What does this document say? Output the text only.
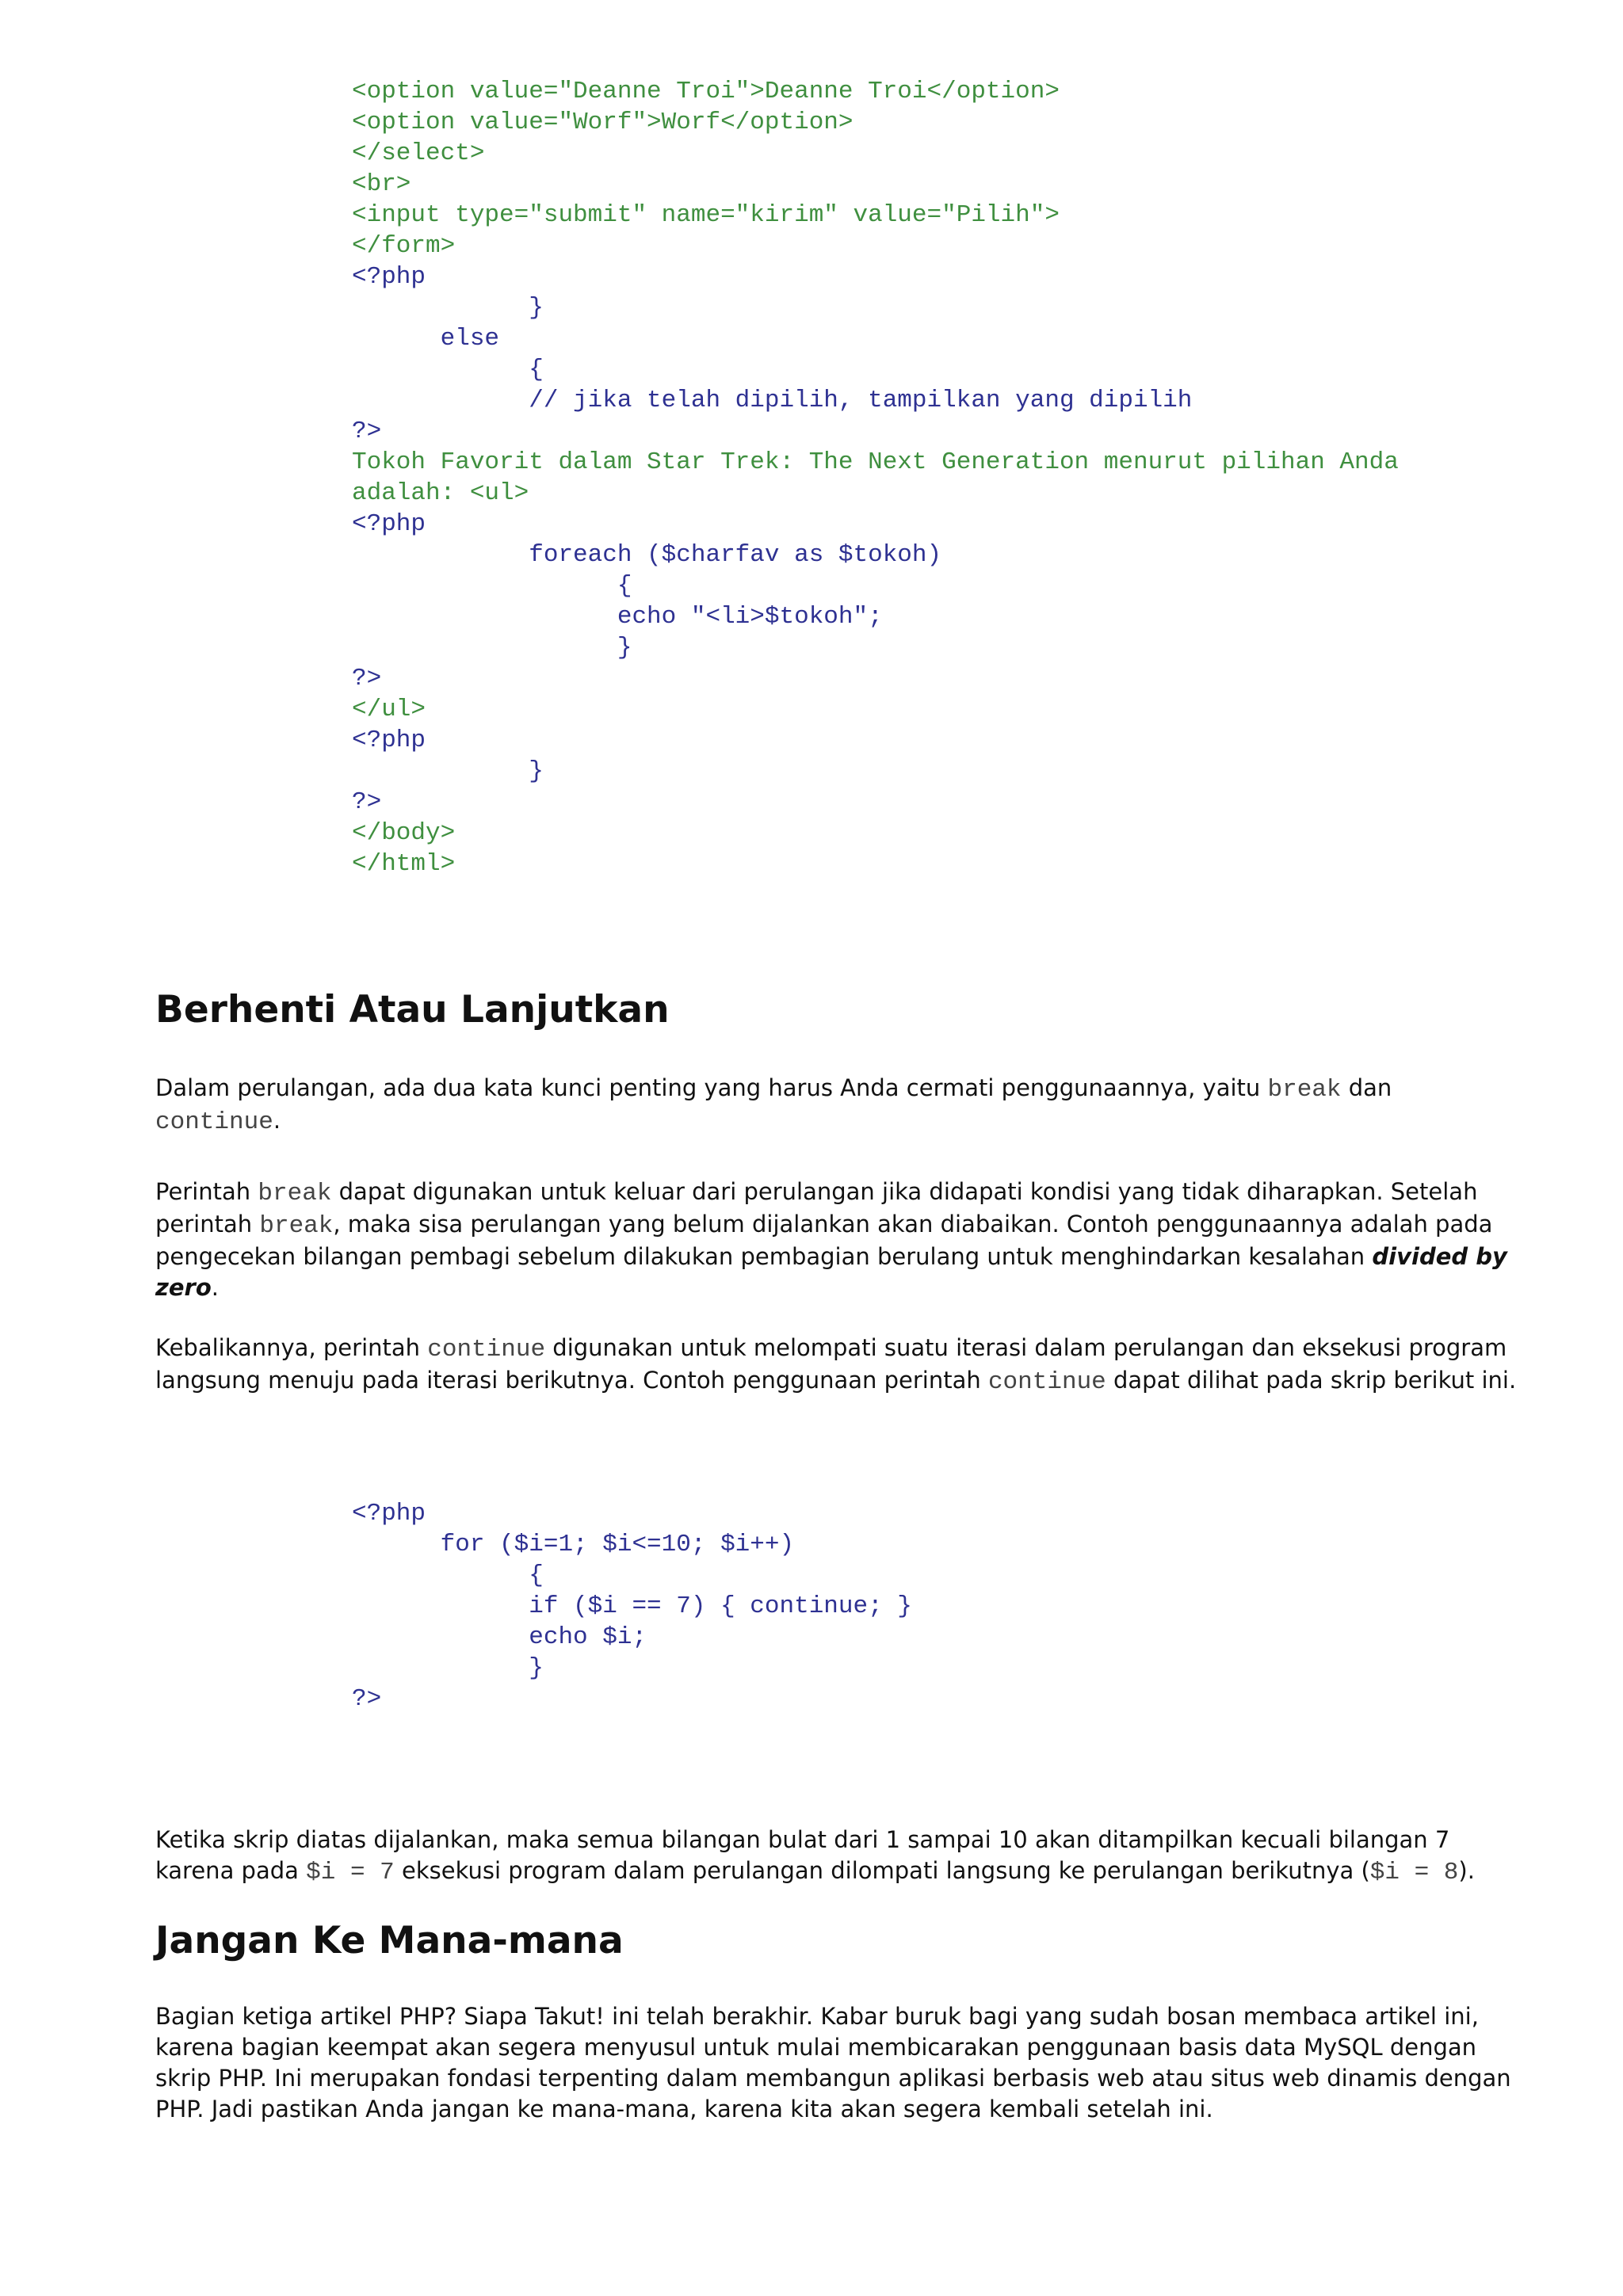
<option value="Deanne Troi">Deanne Troi</option>
<option value="Worf">Worf</option>
</select>
<br>
<input type="submit" name="kirim" value="Pilih">
</form>
<?php
}
else
{
// jika telah dipilih, tampilkan yang dipilih
?>
Tokoh Favorit dalam Star Trek: The Next Generation menurut pilihan Anda
adalah: <ul>
<?php
foreach ($charfav as $tokoh)
{
echo "<li>$tokoh";
}
?>
</ul>
<?php
}
?>
</body>
</html>
Berhenti Atau Lanjutkan

Dalam perulangan, ada dua kata kunci penting yang harus Anda cermati penggunaannya, yaitu break dan
continue.

Perintah break dapat digunakan untuk keluar dari perulangan jika didapati kondisi yang tidak diharapkan. Setelah
perintah break, maka sisa perulangan yang belum dijalankan akan diabaikan. Contoh penggunaannya adalah pada
pengecekan bilangan pembagi sebelum dilakukan pembagian berulang untuk menghindarkan kesalahan divided by
zero.

Kebalikannya, perintah continue digunakan untuk melompati suatu iterasi dalam perulangan dan eksekusi program
langsung menuju pada iterasi berikutnya. Contoh penggunaan perintah continue dapat dilihat pada skrip berikut ini.

<?php
for ($i=1; $i<=10; $i++)
{
if ($i == 7) { continue; }
echo $i;
}
?>

Ketika skrip diatas dijalankan, maka semua bilangan bulat dari 1 sampai 10 akan ditampilkan kecuali bilangan 7
karena pada $i = 7 eksekusi program dalam perulangan dilompati langsung ke perulangan berikutnya ($i = 8).

Jangan Ke Mana-mana

Bagian ketiga artikel PHP? Siapa Takut! ini telah berakhir. Kabar buruk bagi yang sudah bosan membaca artikel ini,
karena bagian keempat akan segera menyusul untuk mulai membicarakan penggunaan basis data MySQL dengan
skrip PHP. Ini merupakan fondasi terpenting dalam membangun aplikasi berbasis web atau situs web dinamis dengan
PHP. Jadi pastikan Anda jangan ke mana-mana, karena kita akan segera kembali setelah ini.
